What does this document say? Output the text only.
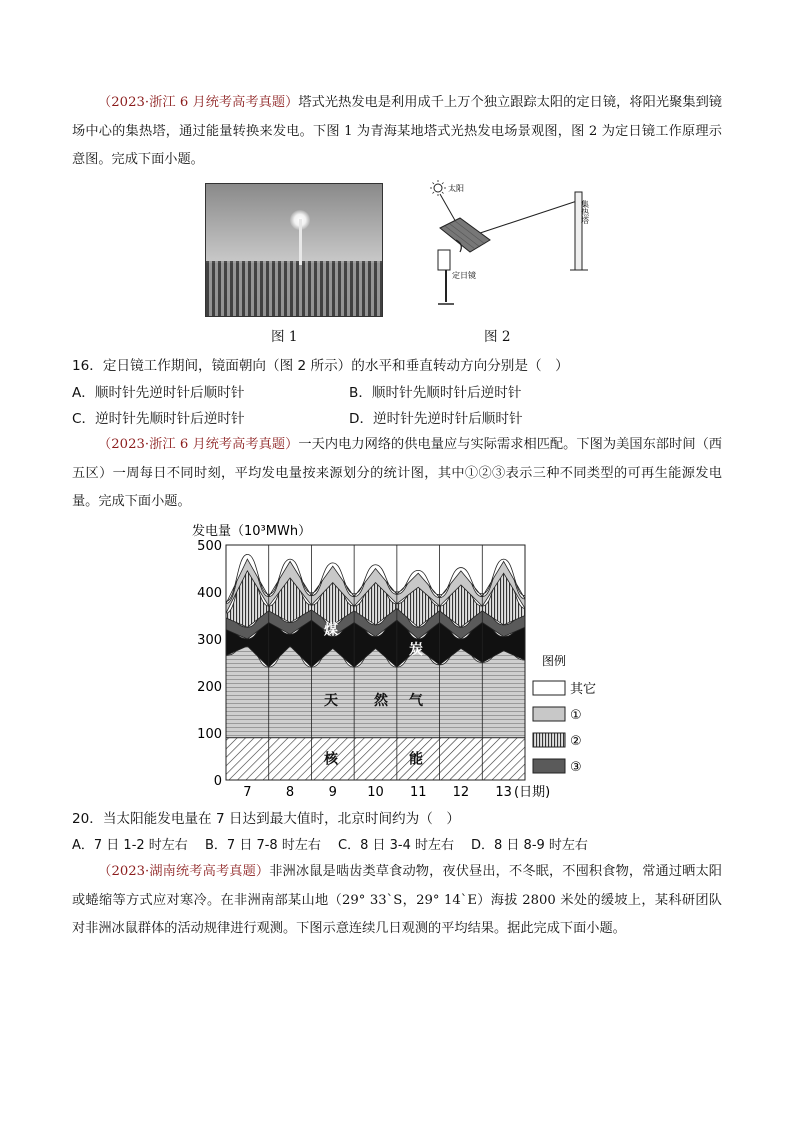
（2023·浙江 6 月统考高考真题）塔式光热发电是利用成千上万个独立跟踪太阳的定日镜，将阳光聚集到镜场中心的集热塔，通过能量转换来发电。下图 1 为青海某地塔式光热发电场景观图，图 2 为定日镜工作原理示意图。完成下面小题。
太阳
定日镜
集热塔
图 1	图 2
16．定日镜工作期间，镜面朝向（图 2 所示）的水平和垂直转动方向分别是（　）
A．顺时针先逆时针后顺时针	B．顺时针先顺时针后逆时针
C．逆时针先顺时针后逆时针	D．逆时针先逆时针后顺时针
（2023·浙江 6 月统考高考真题）一天内电力网络的供电量应与实际需求相匹配。下图为美国东部时间（西五区）一周每日不同时刻，平均发电量按来源划分的统计图，其中①②③表示三种不同类型的可再生能源发电量。完成下面小题。
发电量（10³MWh）
核	能
天	然 气
煤
炭
0
100
200
300
400
500
7	8	9 10 11 12 13 (日期)
图例
其它
①
②
③
20．当太阳能发电量在 7 日达到最大值时，北京时间约为（　）
A．7 日 1-2 时左右 B．7 日 7-8 时左右 C．8 日 3-4 时左右 D．8 日 8-9 时左右
（2023·湖南统考高考真题）非洲冰鼠是啮齿类草食动物，夜伏昼出，不冬眠，不囤积食物，常通过晒太阳或蜷缩等方式应对寒冷。在非洲南部某山地（29° 33`S，29° 14`E）海拔 2800 米处的缓坡上，某科研团队对非洲冰鼠群体的活动规律进行观测。下图示意连续几日观测的平均结果。据此完成下面小题。
